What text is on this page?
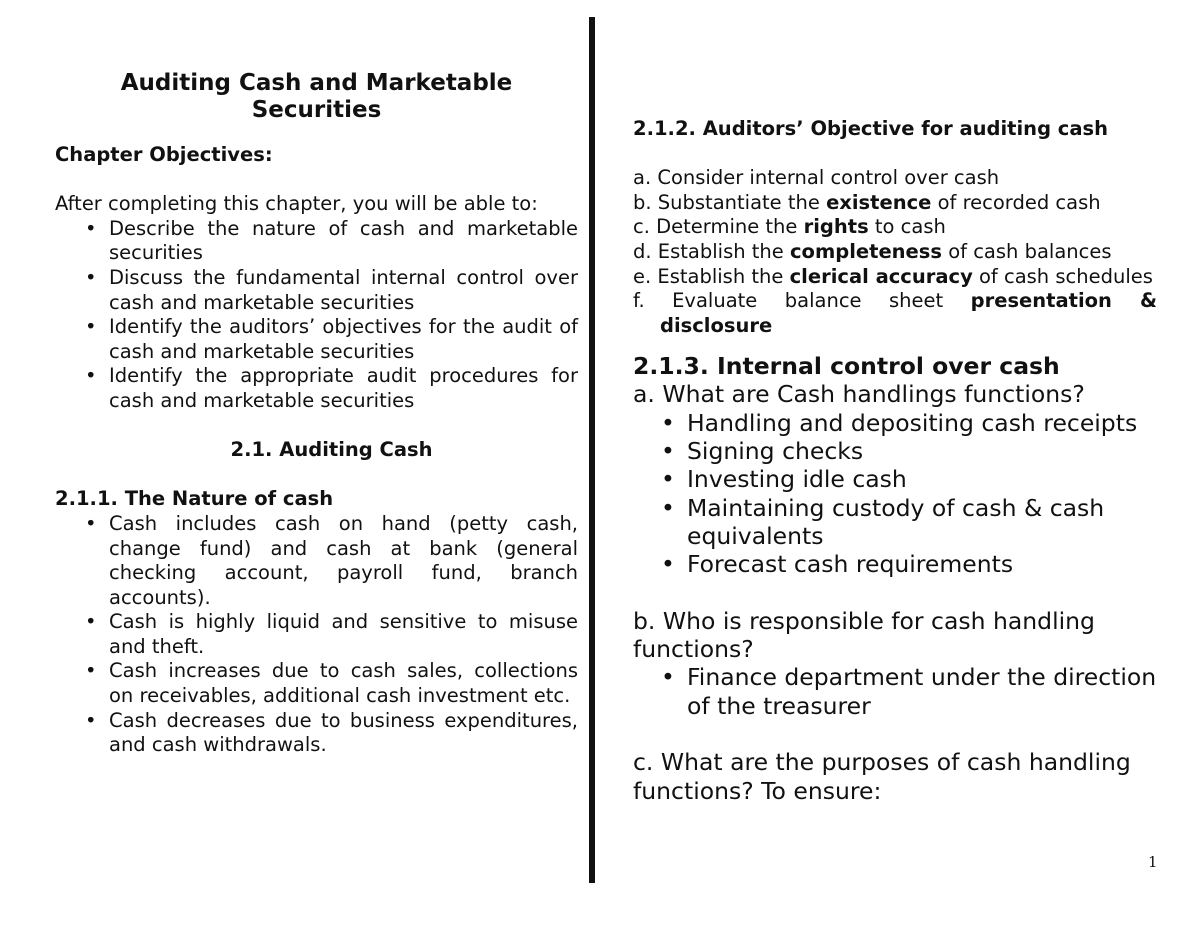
Auditing Cash and Marketable Securities

Chapter Objectives:

After completing this chapter, you will be able to:

• Describe the nature of cash and marketable securities
• Discuss the fundamental internal control over cash and marketable securities
• Identify the auditors’ objectives for the audit of cash and marketable securities
• Identify the appropriate audit procedures for cash and marketable securities

2.1. Auditing Cash

2.1.1. The Nature of cash

• Cash includes cash on hand (petty cash, change fund) and cash at bank (general checking account, payroll fund, branch accounts).
• Cash is highly liquid and sensitive to misuse and theft.
• Cash increases due to cash sales, collections on receivables, additional cash investment etc.
• Cash decreases due to business expenditures, and cash withdrawals.

2.1.2. Auditors’ Objective for auditing cash

a. Consider internal control over cash

b. Substantiate the existence of recorded cash

c. Determine the rights to cash

d. Establish the completeness of cash balances

e. Establish the clerical accuracy of cash schedules

f. Evaluate balance sheet presentation & disclosure

2.1.3. Internal control over cash

a. What are Cash handlings functions?

• Handling and depositing cash receipts
• Signing checks
• Investing idle cash
• Maintaining custody of cash & cash equivalents
• Forecast cash requirements

b. Who is responsible for cash handling functions?

• Finance department under the direction of the treasurer

c. What are the purposes of cash handling functions? To ensure:

1
